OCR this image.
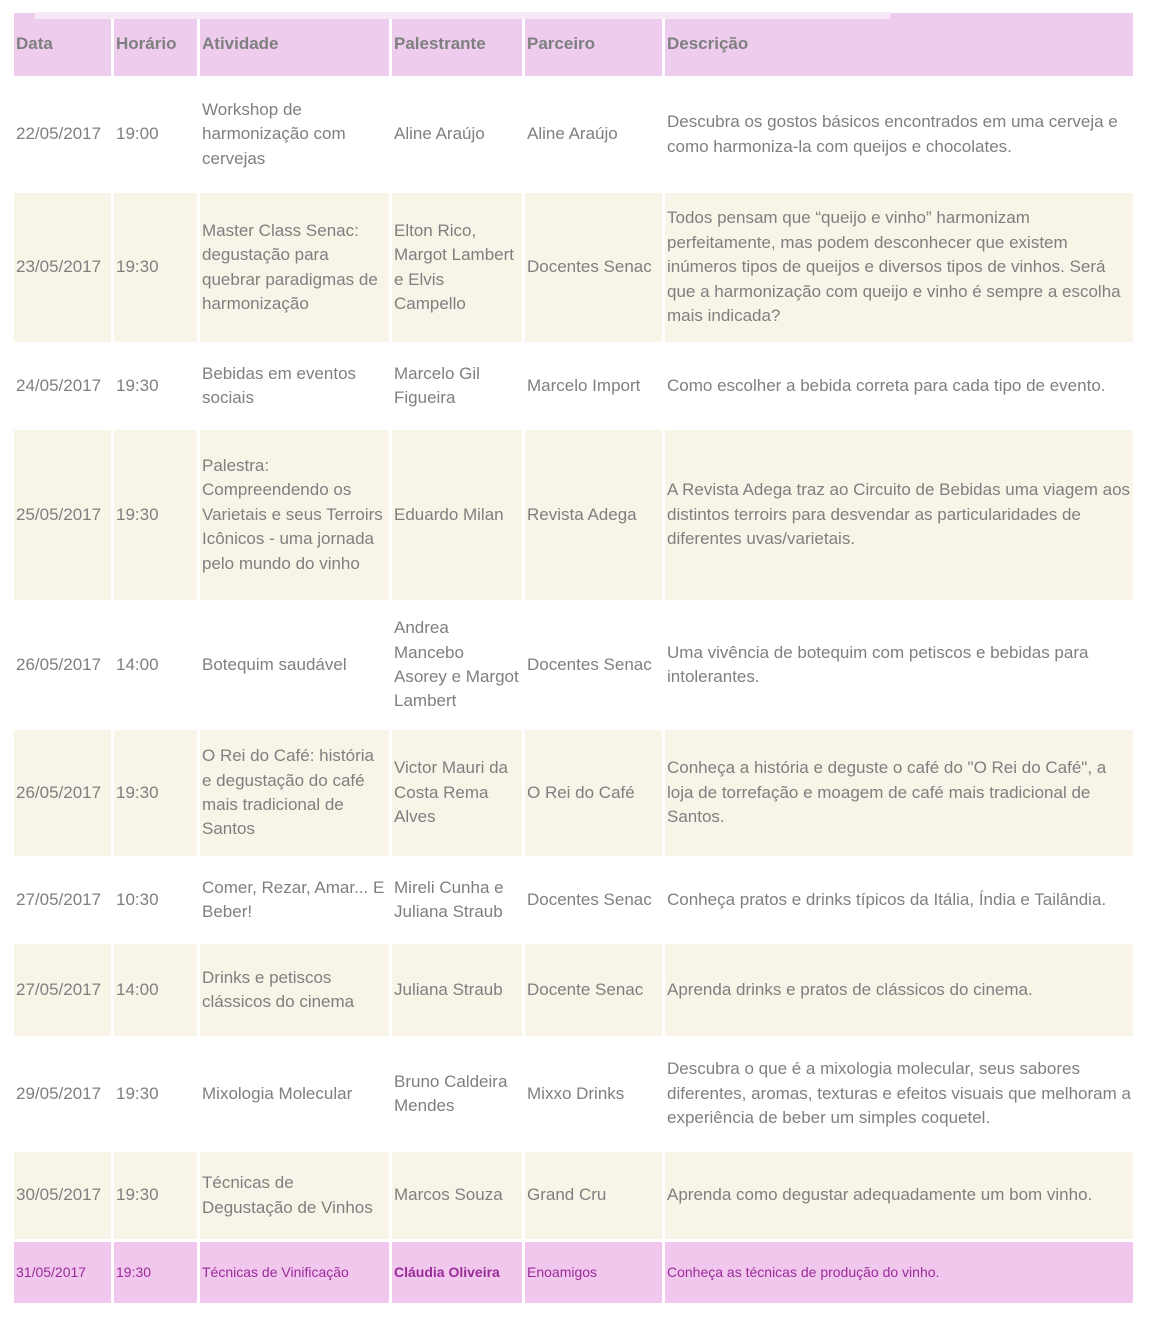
Data	Horário	Atividade	Palestrante	Parceiro	Descrição
22/05/2017	19:00	Workshop de harmonização com cervejas	Aline Araújo	Aline Araújo	Descubra os gostos básicos encontrados em uma cerveja e como harmoniza-la com queijos e chocolates.
23/05/2017	19:30	Master Class Senac: degustação para quebrar paradigmas de harmonização	Elton Rico, Margot Lambert e Elvis Campello	Docentes Senac	Todos pensam que “queijo e vinho” harmonizam perfeitamente, mas podem desconhecer que existem inúmeros tipos de queijos e diversos tipos de vinhos. Será que a harmonização com queijo e vinho é sempre a escolha mais indicada?
24/05/2017	19:30	Bebidas em eventos sociais	Marcelo Gil Figueira	Marcelo Import	Como escolher a bebida correta para cada tipo de evento.
25/05/2017	19:30	Palestra: Compreendendo os Varietais e seus Terroirs Icônicos - uma jornada pelo mundo do vinho	Eduardo Milan	Revista Adega	A Revista Adega traz ao Circuito de Bebidas uma viagem aos distintos terroirs para desvendar as particularidades de diferentes uvas/varietais.
26/05/2017	14:00	Botequim saudável	Andrea Mancebo Asorey e Margot Lambert	Docentes Senac	Uma vivência de botequim com petiscos e bebidas para intolerantes.
26/05/2017	19:30	O Rei do Café: história e degustação do café mais tradicional de Santos	Victor Mauri da Costa Rema Alves	O Rei do Café	Conheça a história e deguste o café do "O Rei do Café", a loja de torrefação e moagem de café mais tradicional de Santos.
27/05/2017	10:30	Comer, Rezar, Amar... E Beber!	Mireli Cunha e Juliana Straub	Docentes Senac	Conheça pratos e drinks típicos da Itália, Índia e Tailândia.
27/05/2017	14:00	Drinks e petiscos clássicos do cinema	Juliana Straub	Docente Senac	Aprenda drinks e pratos de clássicos do cinema.
29/05/2017	19:30	Mixologia Molecular	Bruno Caldeira Mendes	Mixxo Drinks	Descubra o que é a mixologia molecular, seus sabores diferentes, aromas, texturas e efeitos visuais que melhoram a experiência de beber um simples coquetel.
30/05/2017	19:30	Técnicas de Degustação de Vinhos	Marcos Souza	Grand Cru	Aprenda como degustar adequadamente um bom vinho.
31/05/2017	19:30	Técnicas de Vinificação	Cláudia Oliveira	Enoamigos	Conheça as técnicas de produção do vinho.
